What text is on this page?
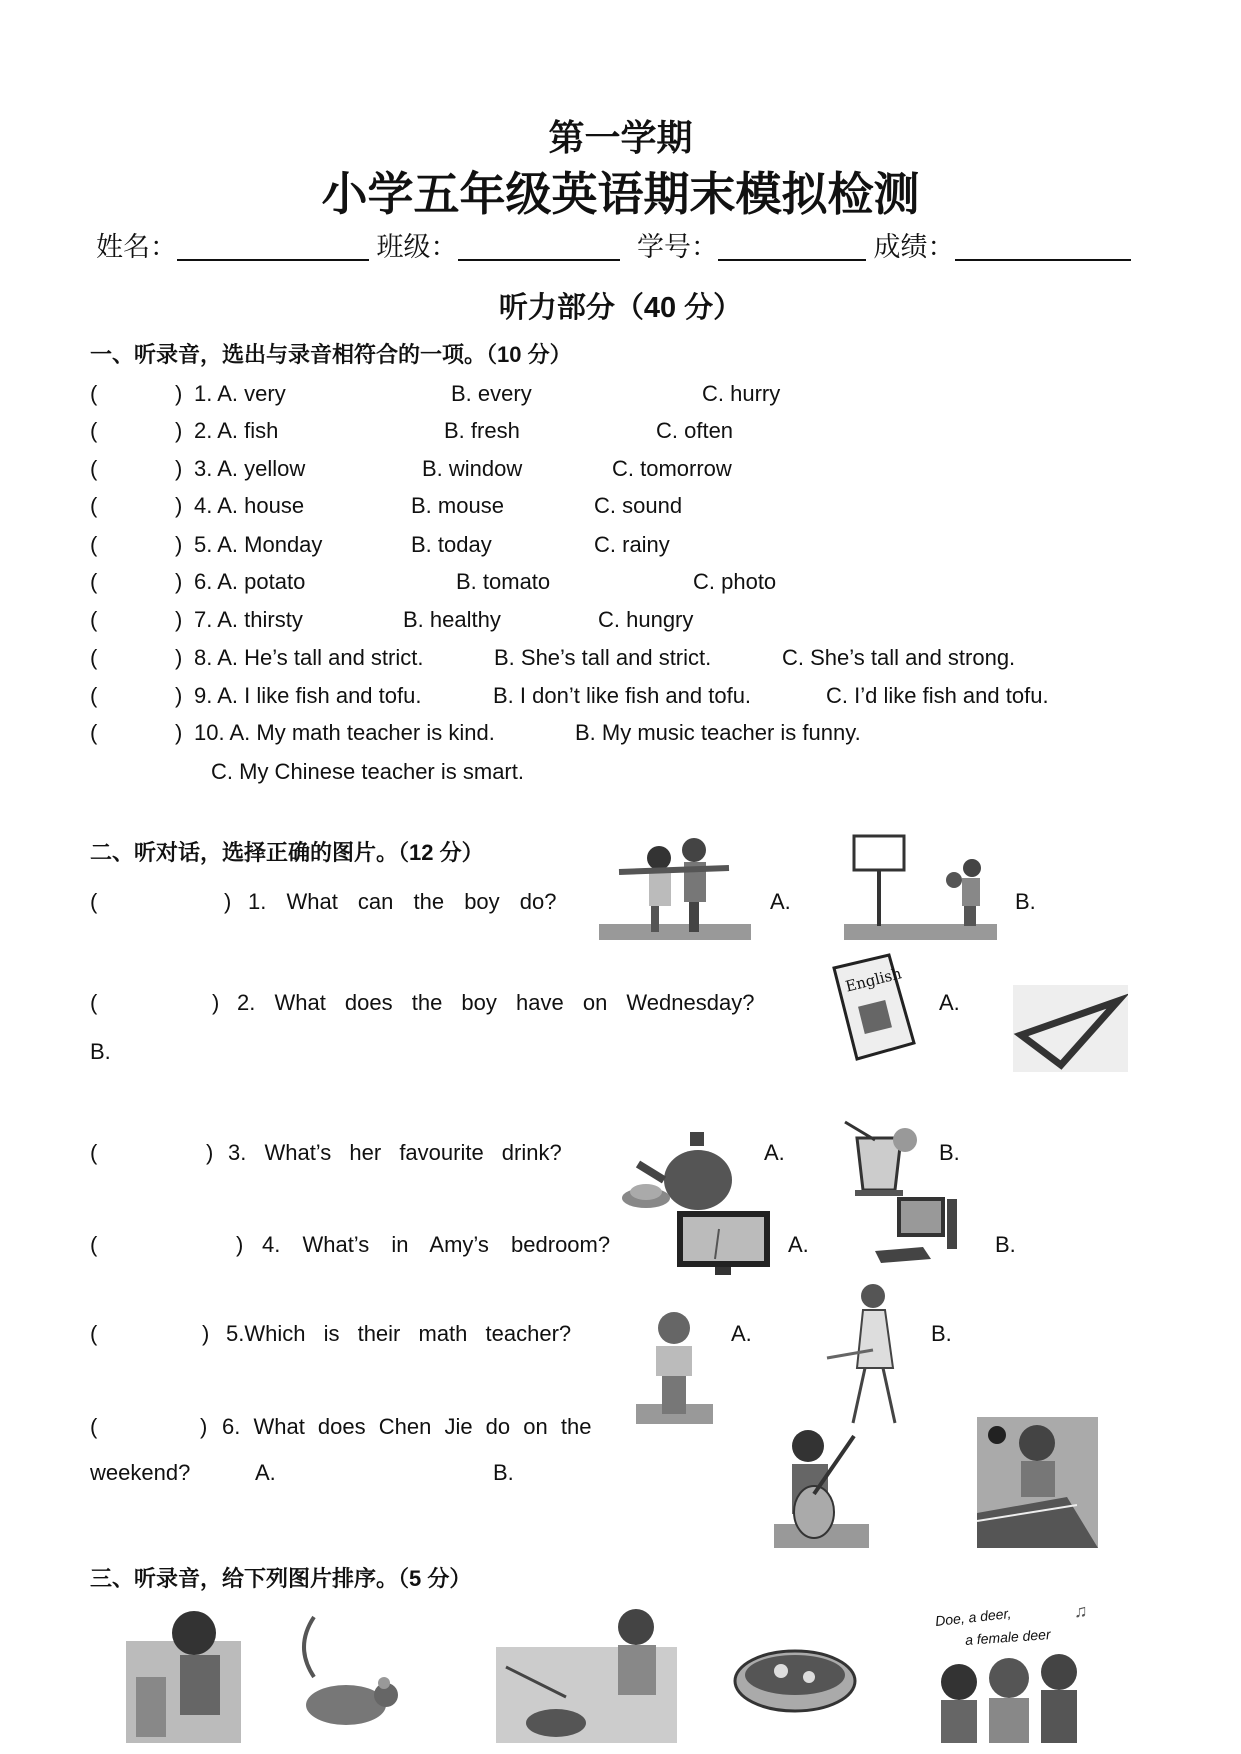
第一学期
小学五年级英语期末模拟检测
姓名：	班级：	学号：	成绩：
听力部分（40 分）
一、听录音，选出与录音相符合的一项。（10 分）
(	) 1. A. very	B. every	C. hurry
(	) 2. A. fish	B. fresh	C. often
(	) 3. A. yellow	B. window	C. tomorrow
(	) 4. A. house	B. mouse	C. sound
(	) 5. A. Monday	B. today	C. rainy
(	) 6. A. potato	B. tomato	C. photo
(	) 7. A. thirsty	B. healthy	C. hungry
(	) 8. A. He’s tall and strict.	B. She’s tall and strict.	C. She’s tall and strong.
(	) 9. A. I like fish and tofu.	B. I don’t like fish and tofu.	C. I’d like fish and tofu.
(	) 10. A. My math teacher is kind.	B. My music teacher is funny.
C. My Chinese teacher is smart.
二、听对话，选择正确的图片。（12 分）
(	) 1. What can the boy do?	A.	B.
(	) 2. What does the boy have on Wednesday?
English
A.
B.
(	) 3. What’s her favourite drink?	A.	B.
(	) 4. What’s in Amy’s bedroom?	A.	B.
(	) 5.Which is their math teacher?	A.	B.
(	) 6. What does Chen Jie do on the
weekend?	A.	B.
三、听录音，给下列图片排序。（5 分）
Doe, a deer,
a female deer
♫
